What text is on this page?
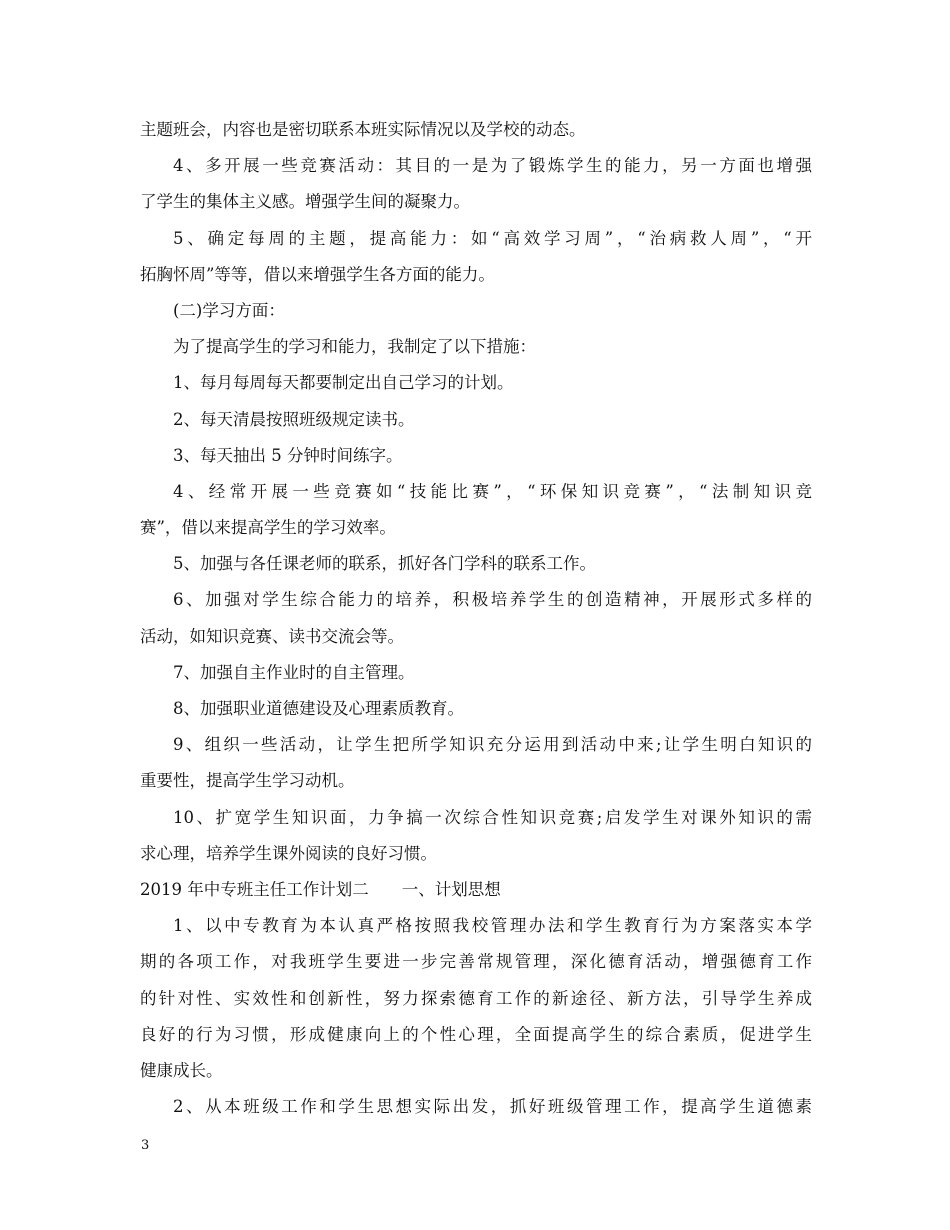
主题班会，内容也是密切联系本班实际情况以及学校的动态。
4、多开展一些竞赛活动：其目的一是为了锻炼学生的能力，另一方面也增强
了学生的集体主义感。增强学生间的凝聚力。
5、确定每周的主题，提高能力：如“高效学习周”，“治病救人周”，“开
拓胸怀周”等等，借以来增强学生各方面的能力。
(二)学习方面：
为了提高学生的学习和能力，我制定了以下措施：
1、每月每周每天都要制定出自己学习的计划。
2、每天清晨按照班级规定读书。
3、每天抽出 5 分钟时间练字。
4、经常开展一些竞赛如“技能比赛”，“环保知识竞赛”，“法制知识竞
赛”，借以来提高学生的学习效率。
5、加强与各任课老师的联系，抓好各门学科的联系工作。
6、加强对学生综合能力的培养，积极培养学生的创造精神，开展形式多样的
活动，如知识竞赛、读书交流会等。
7、加强自主作业时的自主管理。
8、加强职业道德建设及心理素质教育。
9、组织一些活动，让学生把所学知识充分运用到活动中来;让学生明白知识的
重要性，提高学生学习动机。
10、扩宽学生知识面，力争搞一次综合性知识竞赛;启发学生对课外知识的需
求心理，培养学生课外阅读的良好习惯。
2019 年中专班主任工作计划二　　一、计划思想
1、以中专教育为本认真严格按照我校管理办法和学生教育行为方案落实本学
期的各项工作，对我班学生要进一步完善常规管理，深化德育活动，增强德育工作
的针对性、实效性和创新性，努力探索德育工作的新途径、新方法，引导学生养成
良好的行为习惯，形成健康向上的个性心理，全面提高学生的综合素质，促进学生
健康成长。
2、从本班级工作和学生思想实际出发，抓好班级管理工作，提高学生道德素
3
